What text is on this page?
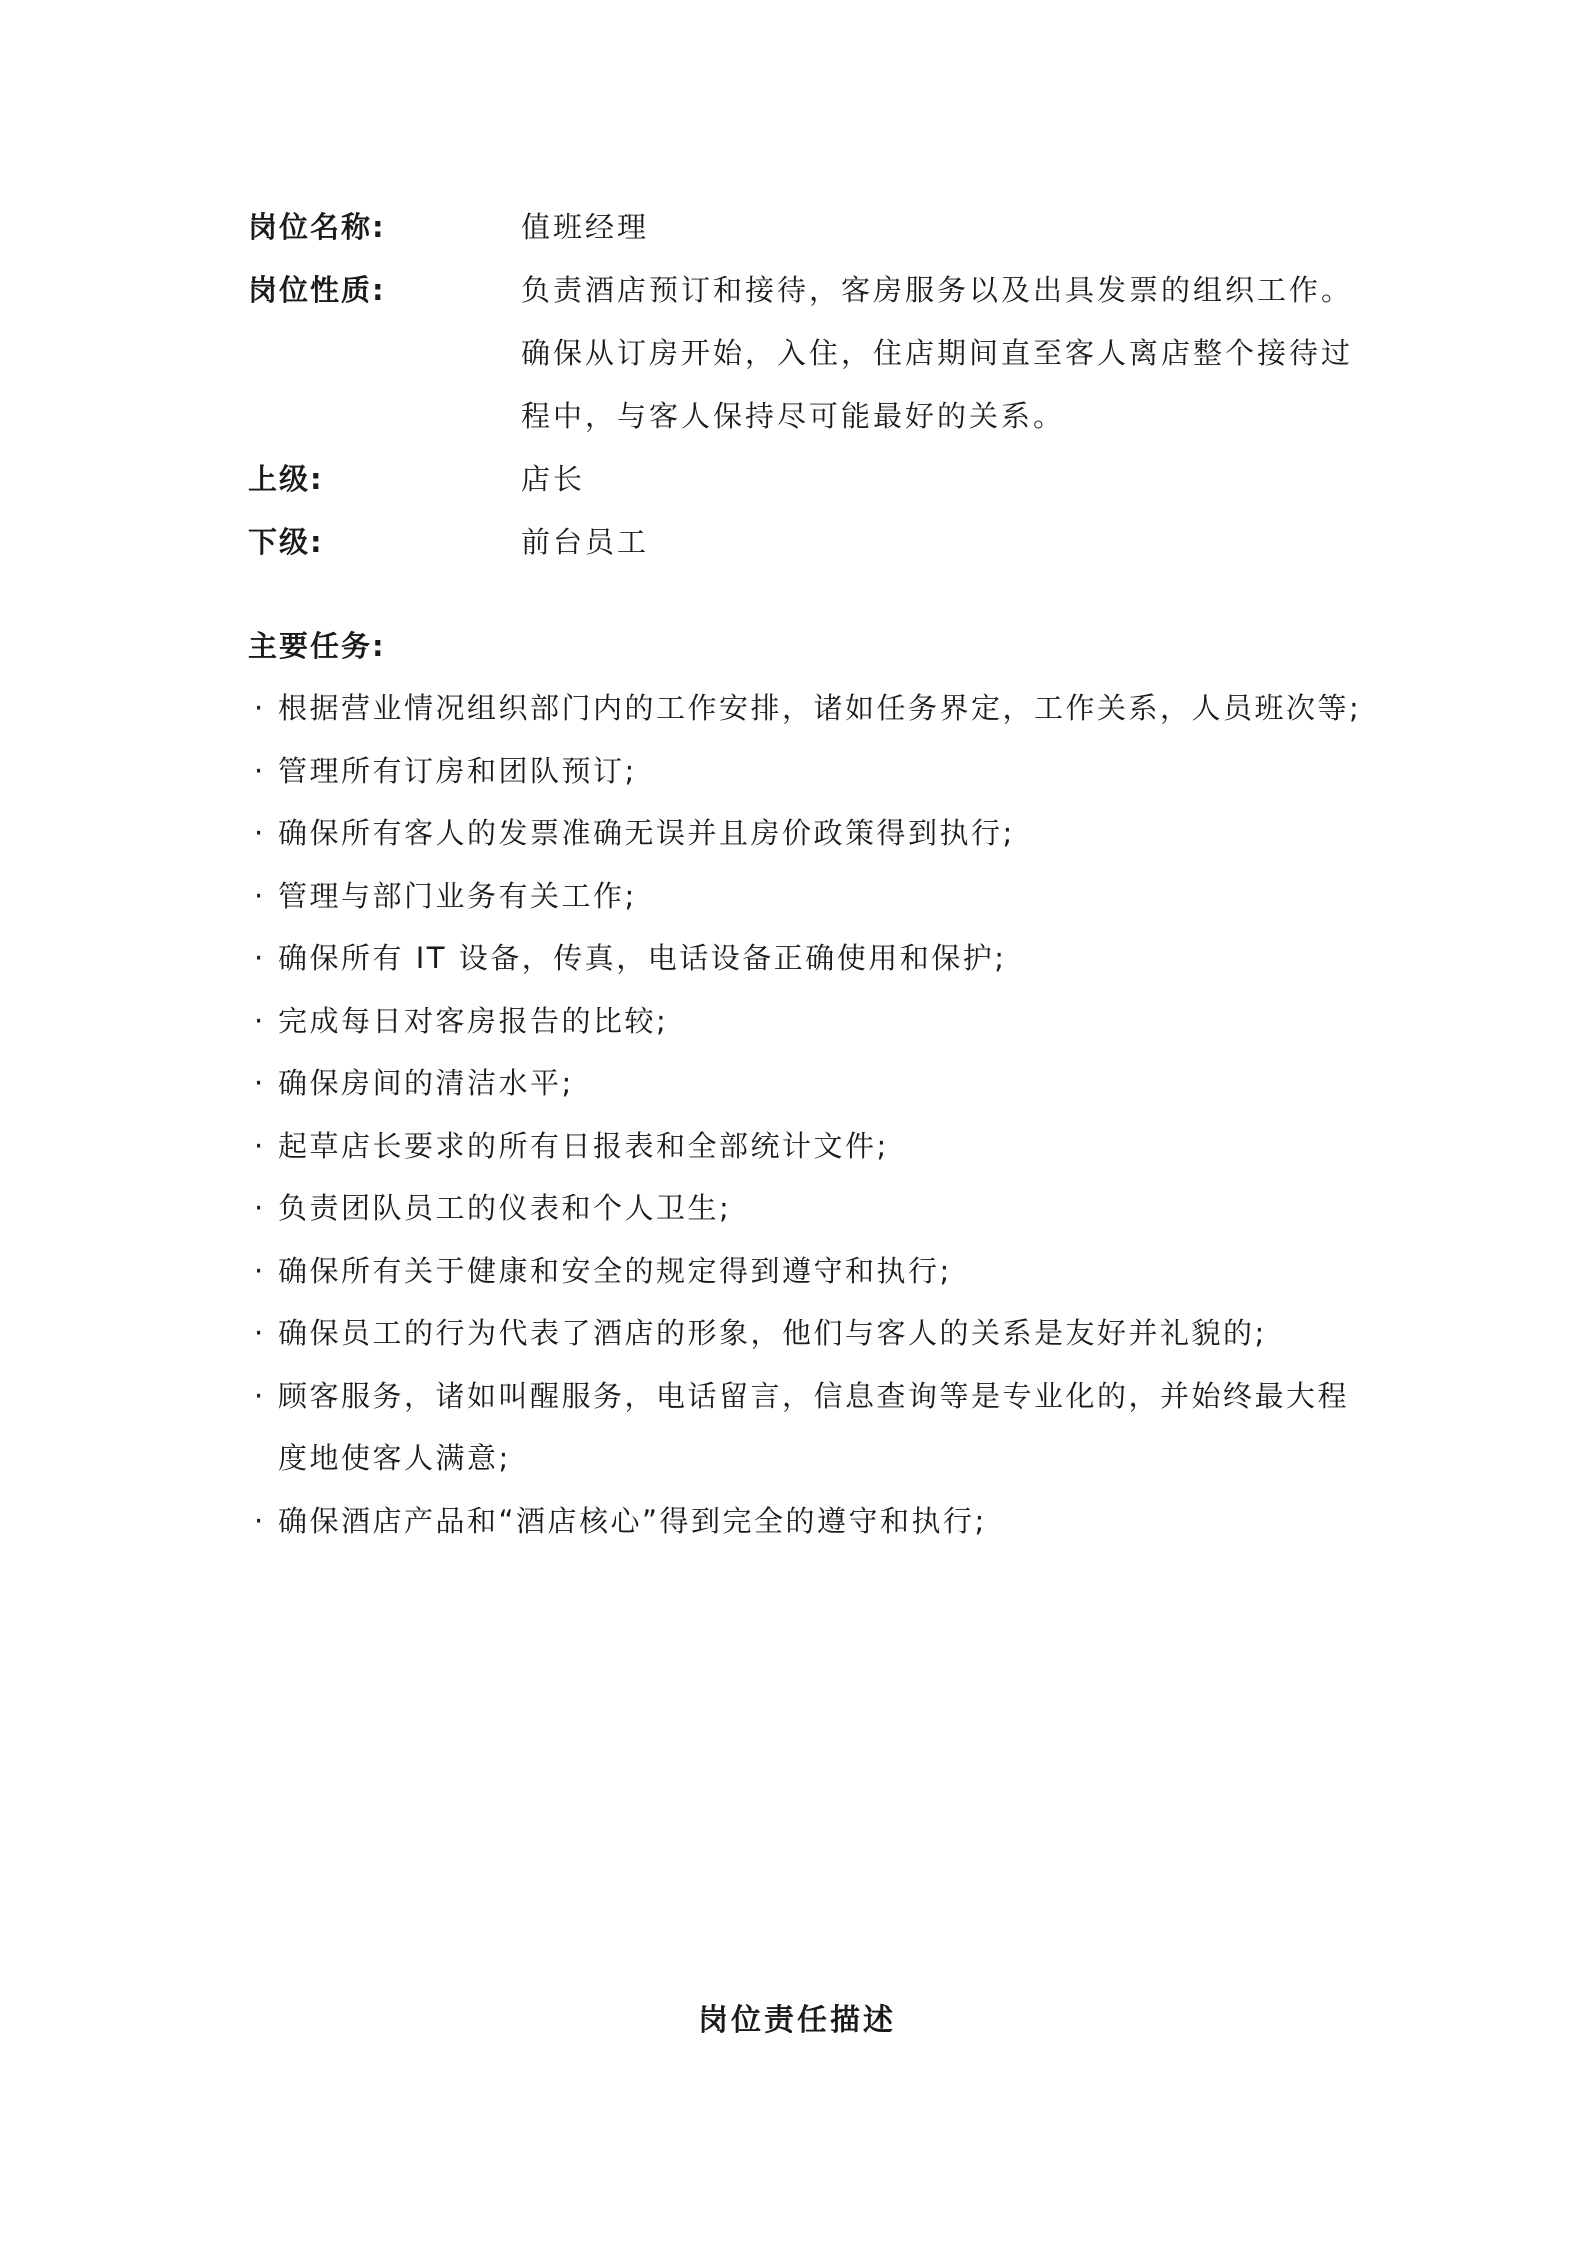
岗位名称:	值班经理
岗位性质:	负责酒店预订和接待，客房服务以及出具发票的组织工作。
确保从订房开始，入住，住店期间直至客人离店整个接待过
程中，与客人保持尽可能最好的关系。
上级:	店长
下级:	前台员工
主要任务:
· 根据营业情况组织部门内的工作安排，诸如任务界定，工作关系，人员班次等;
· 管理所有订房和团队预订;
· 确保所有客人的发票准确无误并且房价政策得到执行;
· 管理与部门业务有关工作;
· 确保所有 IT 设备，传真，电话设备正确使用和保护;
· 完成每日对客房报告的比较;
· 确保房间的清洁水平;
· 起草店长要求的所有日报表和全部统计文件;
· 负责团队员工的仪表和个人卫生;
· 确保所有关于健康和安全的规定得到遵守和执行;
· 确保员工的行为代表了酒店的形象，他们与客人的关系是友好并礼貌的;
· 顾客服务，诸如叫醒服务，电话留言，信息查询等是专业化的，并始终最大程度地使客人满意;
· 确保酒店产品和“酒店核心”得到完全的遵守和执行;
岗位责任描述
